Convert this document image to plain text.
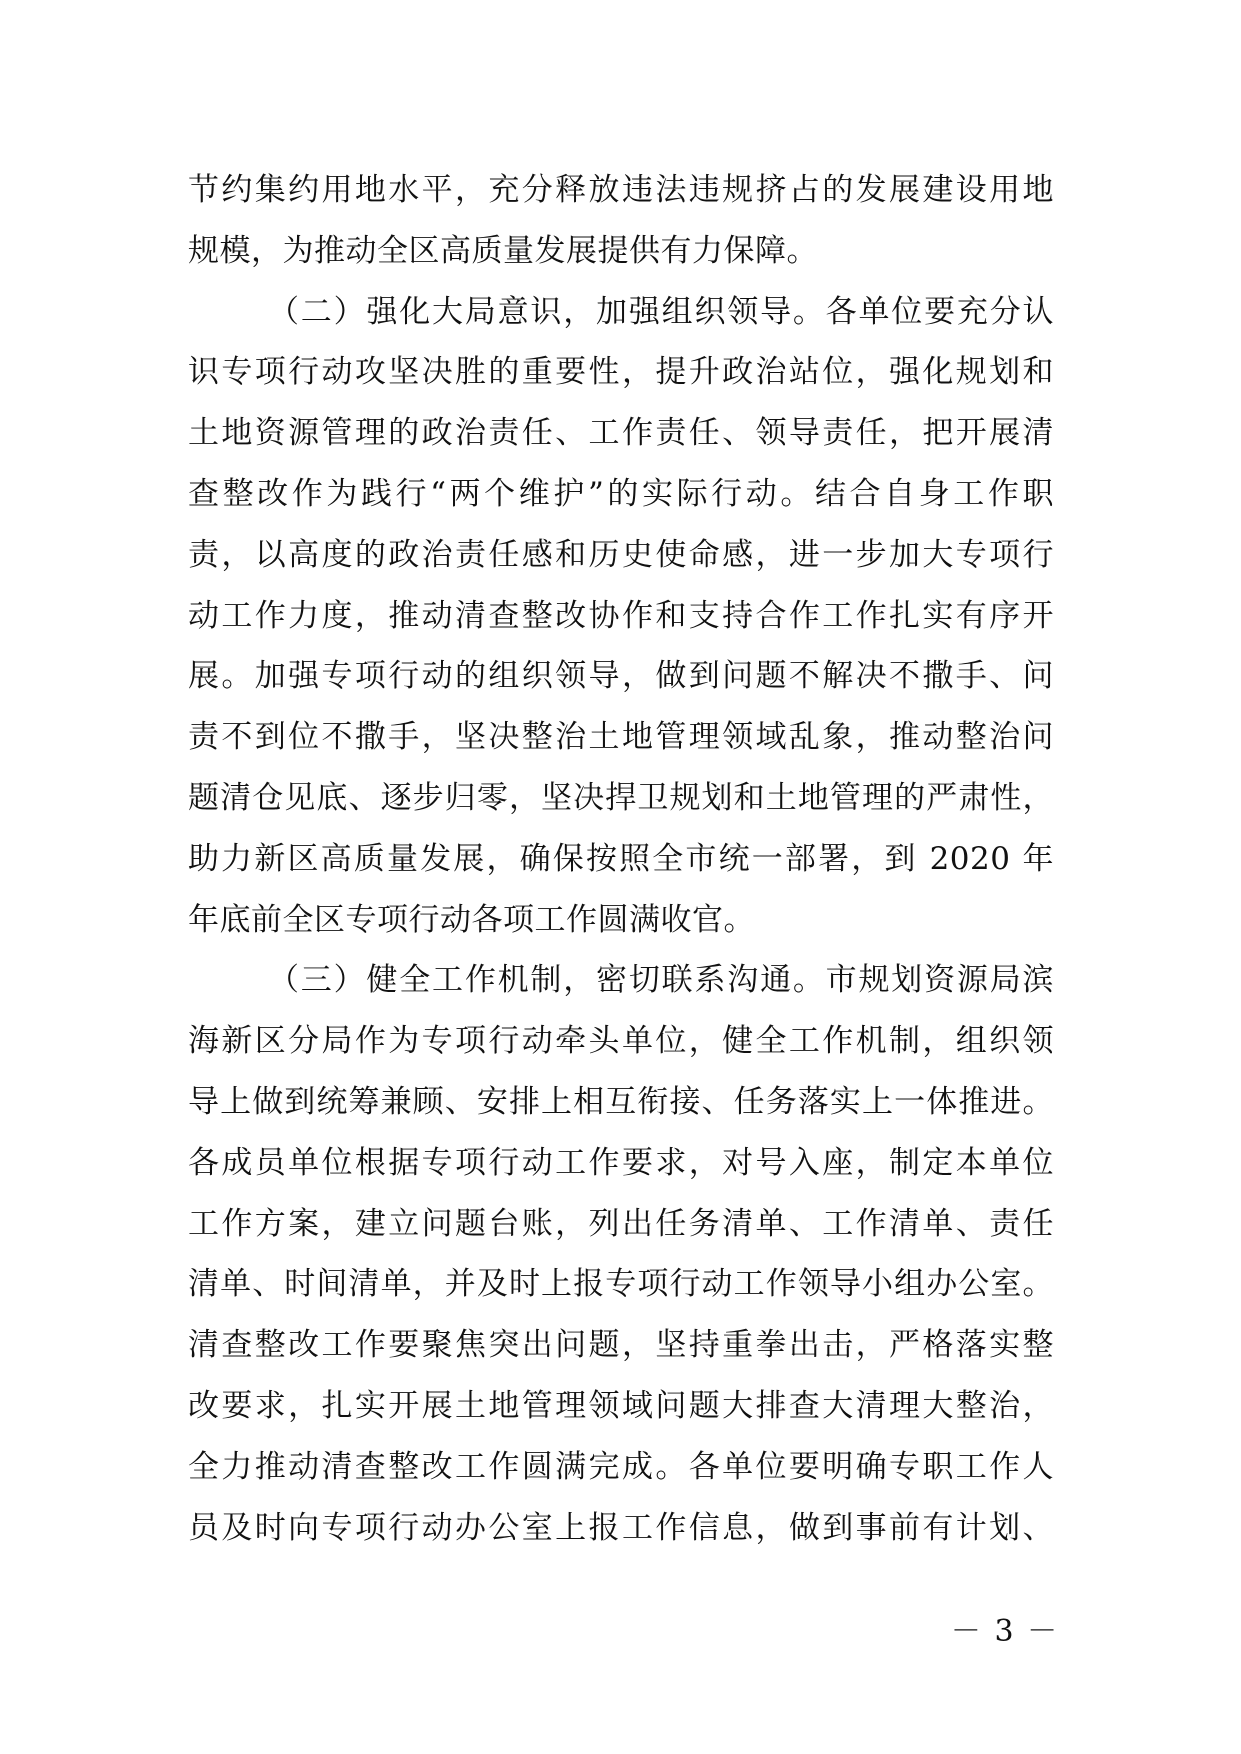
节约集约用地水平，充分释放违法违规挤占的发展建设用地
规模，为推动全区高质量发展提供有力保障。
（二）强化大局意识，加强组织领导。各单位要充分认
识专项行动攻坚决胜的重要性，提升政治站位，强化规划和
土地资源管理的政治责任、工作责任、领导责任，把开展清
查整改作为践行“两个维护”的实际行动。结合自身工作职
责，以高度的政治责任感和历史使命感，进一步加大专项行
动工作力度，推动清查整改协作和支持合作工作扎实有序开
展。加强专项行动的组织领导，做到问题不解决不撒手、问
责不到位不撒手，坚决整治土地管理领域乱象，推动整治问
题清仓见底、逐步归零，坚决捍卫规划和土地管理的严肃性，
助力新区高质量发展，确保按照全市统一部署，到 2020 年
年底前全区专项行动各项工作圆满收官。
（三）健全工作机制，密切联系沟通。市规划资源局滨
海新区分局作为专项行动牵头单位，健全工作机制，组织领
导上做到统筹兼顾、安排上相互衔接、任务落实上一体推进。
各成员单位根据专项行动工作要求，对号入座，制定本单位
工作方案，建立问题台账，列出任务清单、工作清单、责任
清单、时间清单，并及时上报专项行动工作领导小组办公室。
清查整改工作要聚焦突出问题，坚持重拳出击，严格落实整
改要求，扎实开展土地管理领域问题大排查大清理大整治，
全力推动清查整改工作圆满完成。各单位要明确专职工作人
员及时向专项行动办公室上报工作信息，做到事前有计划、
－ 3 －
